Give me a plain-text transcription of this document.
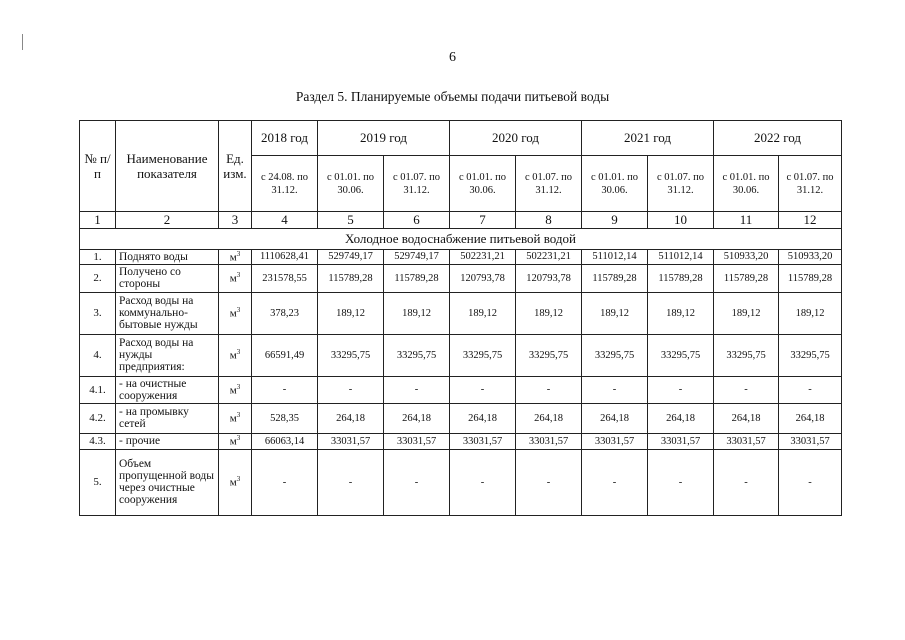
6
Раздел 5. Планируемые объемы подачи питьевой воды
№ п/п	Наименование показателя	Ед. изм.	2018 год	2019 год		2020 год		2021 год		2022 год	
			с 24.08. по 31.12.	с 01.01. по 30.06.	с 01.07. по 31.12.	с 01.01. по 30.06.	с 01.07. по 31.12.	с 01.01. по 30.06.	с 01.07. по 31.12.	с 01.01. по 30.06.	с 01.07. по 31.12.
1	2	3	4	5	6	7	8	9	10	11	12
Холодное водоснабжение питьевой водой											
1.	Поднято воды	$м^3$	1110628,41	529749,17	529749,17	502231,21	502231,21	511012,14	511012,14	510933,20	510933,20
2.	Получено со стороны	$м^3$	231578,55	115789,28	115789,28	120793,78	120793,78	115789,28	115789,28	115789,28	115789,28
3.	Расход воды на коммунально-бытовые нужды	$м^3$	378,23	189,12	189,12	189,12	189,12	189,12	189,12	189,12	189,12
4.	Расход воды на нужды предприятия:	$м^3$	66591,49	33295,75	33295,75	33295,75	33295,75	33295,75	33295,75	33295,75	33295,75
4.1.	- на очистные сооружения	$м^3$	-	-	-	-	-	-	-	-	-
4.2.	- на промывку сетей	$м^3$	528,35	264,18	264,18	264,18	264,18	264,18	264,18	264,18	264,18
4.3.	- прочие	$м^3$	66063,14	33031,57	33031,57	33031,57	33031,57	33031,57	33031,57	33031,57	33031,57
5.	Объем пропущенной воды через очистные сооружения	$м^3$	-	-	-	-	-	-	-	-	-
